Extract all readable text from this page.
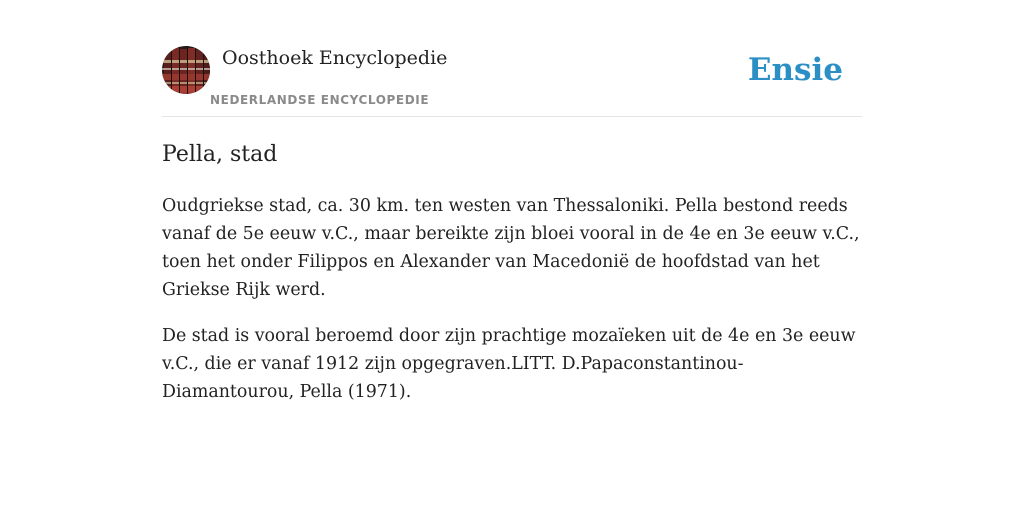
Oosthoek Encyclopedie
NEDERLANDSE ENCYCLOPEDIE
Ensie
Pella, stad

Oudgriekse stad, ca. 30 km. ten westen van Thessaloniki. Pella bestond reeds vanaf de 5e eeuw v.C., maar bereikte zijn bloei vooral in de 4e en 3e eeuw v.C., toen het onder Filippos en Alexander van Macedonië de hoofdstad van het Griekse Rijk werd.

De stad is vooral beroemd door zijn prachtige mozaïeken uit de 4e en 3e eeuw v.C., die er vanaf 1912 zijn opgegraven.LITT. D.Papaconstantinou-Diamantourou, Pella (1971).
